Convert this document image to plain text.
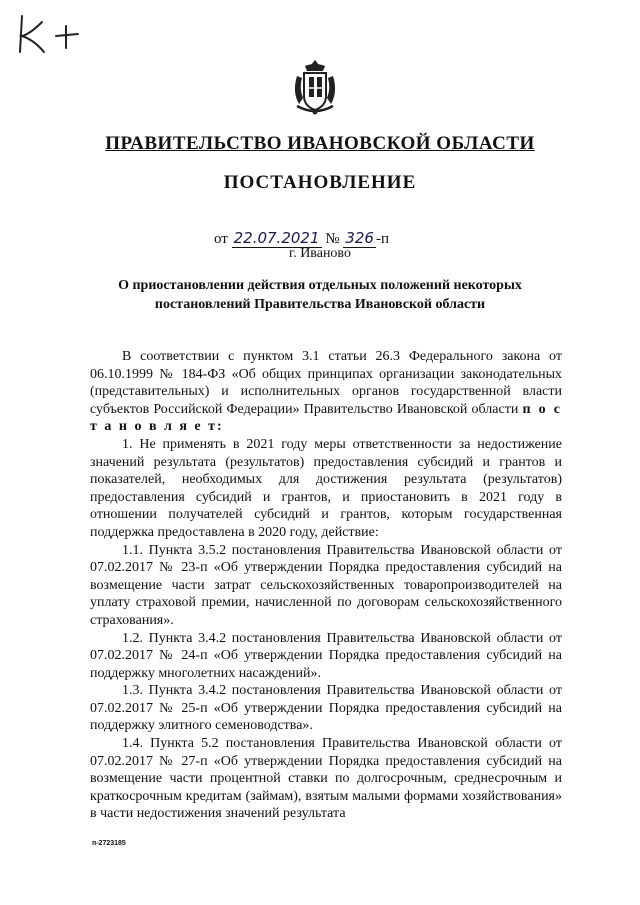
ПРАВИТЕЛЬСТВО ИВАНОВСКОЙ ОБЛАСТИ
ПОСТАНОВЛЕНИЕ
от 22.07.2021 № 326 -п
г. Иваново
О приостановлении действия отдельных положений некоторых постановлений Правительства Ивановской области

В соответствии с пунктом 3.1 статьи 26.3 Федерального закона от 06.10.1999 № 184-ФЗ «Об общих принципах организации законодательных (представительных) и исполнительных органов государственной власти субъектов Российской Федерации» Правительство Ивановской области п о с т а н о в л я е т:

1. Не применять в 2021 году меры ответственности за недостижение значений результата (результатов) предоставления субсидий и грантов и показателей, необходимых для достижения результата (результатов) предоставления субсидий и грантов, и приостановить в 2021 году в отношении получателей субсидий и грантов, которым государственная поддержка предоставлена в 2020 году, действие:

1.1. Пункта 3.5.2 постановления Правительства Ивановской области от 07.02.2017 № 23-п «Об утверждении Порядка предоставления субсидий на возмещение части затрат сельскохозяйственных товаропроизводителей на уплату страховой премии, начисленной по договорам сельскохозяйственного страхования».

1.2. Пункта 3.4.2 постановления Правительства Ивановской области от 07.02.2017 № 24-п «Об утверждении Порядка предоставления субсидий на поддержку многолетних насаждений».

1.3. Пункта 3.4.2 постановления Правительства Ивановской области от 07.02.2017 № 25-п «Об утверждении Порядка предоставления субсидий на поддержку элитного семеноводства».

1.4. Пункта 5.2 постановления Правительства Ивановской области от 07.02.2017 № 27-п «Об утверждении Порядка предоставления субсидий на возмещение части процентной ставки по долгосрочным, среднесрочным и краткосрочным кредитам (займам), взятым малыми формами хозяйствования» в части недостижения значений результата

п-2723185
